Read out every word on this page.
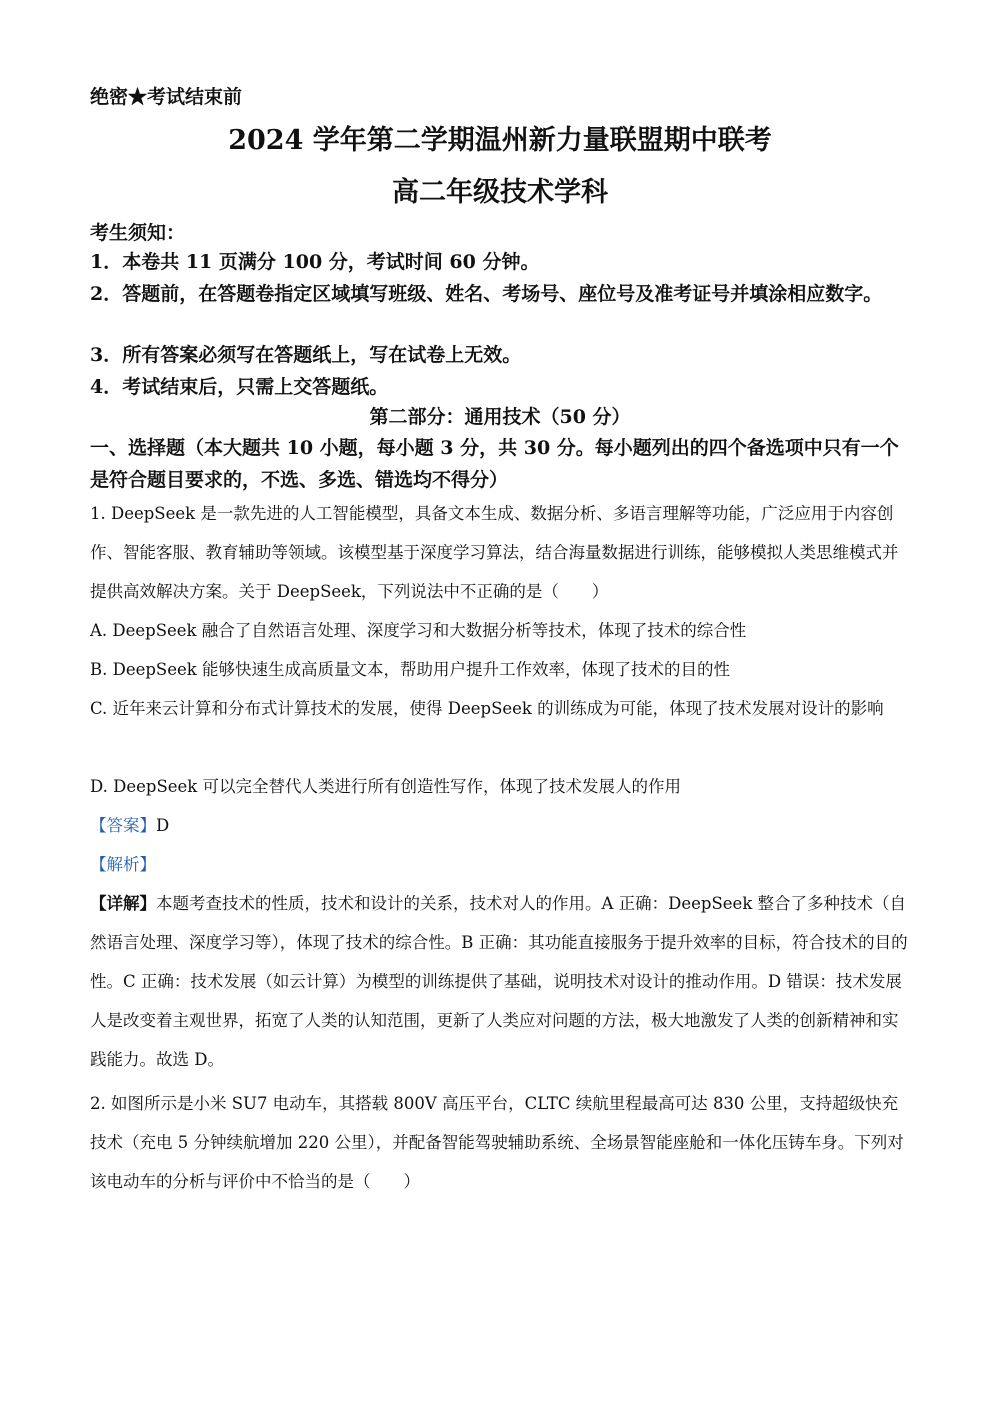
绝密★考试结束前

2024 学年第二学期温州新力量联盟期中联考

高二年级技术学科

考生须知：

1．本卷共 11 页满分 100 分，考试时间 60 分钟。

2．答题前，在答题卷指定区域填写班级、姓名、考场号、座位号及准考证号并填涂相应数字。

3．所有答案必须写在答题纸上，写在试卷上无效。

4．考试结束后，只需上交答题纸。

第二部分：通用技术（50 分）

一、选择题（本大题共 10 小题，每小题 3 分，共 30 分。每小题列出的四个备选项中只有一个是符合题目要求的，不选、多选、错选均不得分）

1. DeepSeek 是一款先进的人工智能模型，具备文本生成、数据分析、多语言理解等功能，广泛应用于内容创作、智能客服、教育辅助等领域。该模型基于深度学习算法，结合海量数据进行训练，能够模拟人类思维模式并提供高效解决方案。关于 DeepSeek，下列说法中不正确的是（　　）

A. DeepSeek 融合了自然语言处理、深度学习和大数据分析等技术，体现了技术的综合性

B. DeepSeek 能够快速生成高质量文本，帮助用户提升工作效率，体现了技术的目的性

C. 近年来云计算和分布式计算技术的发展，使得 DeepSeek 的训练成为可能，体现了技术发展对设计的影响

D. DeepSeek 可以完全替代人类进行所有创造性写作，体现了技术发展人的作用

【答案】D

【解析】

【详解】本题考查技术的性质，技术和设计的关系，技术对人的作用。A 正确：DeepSeek 整合了多种技术（自然语言处理、深度学习等），体现了技术的综合性。B 正确：其功能直接服务于提升效率的目标，符合技术的目的性。C 正确：技术发展（如云计算）为模型的训练提供了基础，说明技术对设计的推动作用。D 错误：技术发展人是改变着主观世界，拓宽了人类的认知范围，更新了人类应对问题的方法，极大地激发了人类的创新精神和实践能力。故选 D。

2. 如图所示是小米 SU7 电动车，其搭载 800V 高压平台，CLTC 续航里程最高可达 830 公里，支持超级快充技术（充电 5 分钟续航增加 220 公里），并配备智能驾驶辅助系统、全场景智能座舱和一体化压铸车身。下列对该电动车的分析与评价中不恰当的是（　　）
